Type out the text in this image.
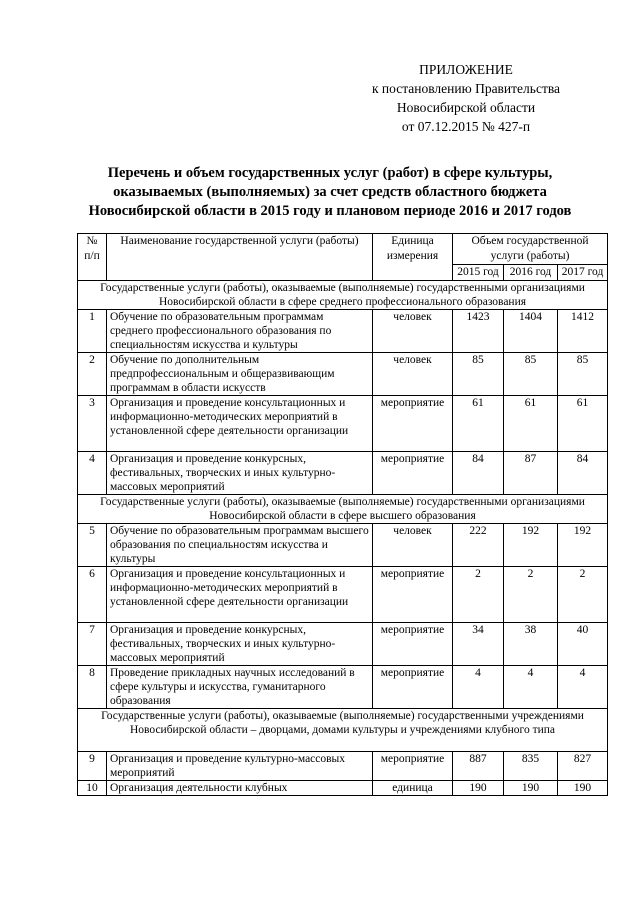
ПРИЛОЖЕНИЕ
к постановлению Правительства
Новосибирской области
от 07.12.2015 № 427-п
Перечень и объем государственных услуг (работ) в сфере культуры,
оказываемых (выполняемых) за счет средств областного бюджета
Новосибирской области в 2015 году и плановом периоде 2016 и 2017 годов
№ п/п	Наименование государственной услуги (работы)	Единица измерения	Объем государственной услуги (работы)		
			2015 год	2016 год	2017 год
Государственные услуги (работы), оказываемые (выполняемые) государственными организациями Новосибирской области в сфере среднего профессионального образования					
1	Обучение по образовательным программам среднего профессионального образования по специальностям искусства и культуры	человек	1423	1404	1412
2	Обучение по дополнительным предпрофессиональным и общеразвивающим программам в области искусств	человек	85	85	85
3	Организация и проведение консультационных и информационно-методических мероприятий в установленной сфере деятельности организации	мероприятие	61	61	61
4	Организация и проведение конкурсных, фестивальных, творческих и иных культурно-массовых мероприятий	мероприятие	84	87	84
Государственные услуги (работы), оказываемые (выполняемые) государственными организациями Новосибирской области в сфере высшего образования					
5	Обучение по образовательным программам высшего образования по специальностям искусства и культуры	человек	222	192	192
6	Организация и проведение консультационных и информационно-методических мероприятий в установленной сфере деятельности организации	мероприятие	2	2	2
7	Организация и проведение конкурсных, фестивальных, творческих и иных культурно-массовых мероприятий	мероприятие	34	38	40
8	Проведение прикладных научных исследований в сфере культуры и искусства, гуманитарного образования	мероприятие	4	4	4
Государственные услуги (работы), оказываемые (выполняемые) государственными учреждениями Новосибирской области – дворцами, домами культуры и учреждениями клубного типа					
9	Организация и проведение культурно-массовых мероприятий	мероприятие	887	835	827
10	Организация деятельности клубных	единица	190	190	190
